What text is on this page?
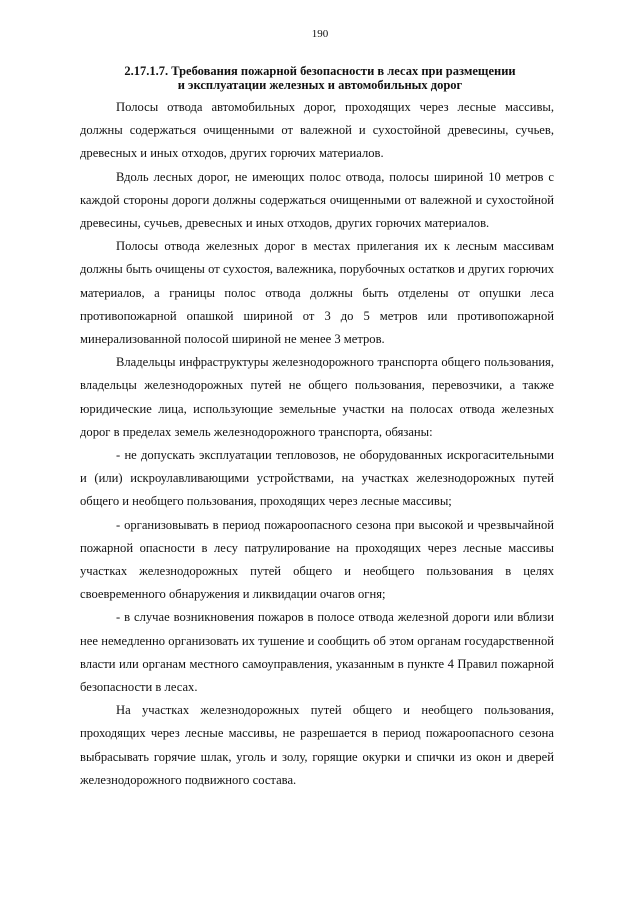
190
2.17.1.7. Требования пожарной безопасности в лесах при размещении
и эксплуатации железных и автомобильных дорог

Полосы отвода автомобильных дорог, проходящих через лесные массивы, должны содержаться очищенными от валежной и сухостойной древесины, сучьев, древесных и иных отходов, других горючих материалов.

Вдоль лесных дорог, не имеющих полос отвода, полосы шириной 10 метров с каждой стороны дороги должны содержаться очищенными от валежной и сухостойной древесины, сучьев, древесных и иных отходов, других горючих материалов.

Полосы отвода железных дорог в местах прилегания их к лесным массивам должны быть очищены от сухостоя, валежника, порубочных остатков и других горючих материалов, а границы полос отвода должны быть отделены от опушки леса противопожарной опашкой шириной от 3 до 5 метров или противопожарной минерализованной полосой шириной не менее 3 метров.

Владельцы инфраструктуры железнодорожного транспорта общего пользования, владельцы железнодорожных путей не общего пользования, перевозчики, а также юридические лица, использующие земельные участки на полосах отвода железных дорог в пределах земель железнодорожного транспорта, обязаны:

- не допускать эксплуатации тепловозов, не оборудованных искрогасительными и (или) искроулавливающими устройствами, на участках железнодорожных путей общего и необщего пользования, проходящих через лесные массивы;

- организовывать в период пожароопасного сезона при высокой и чрезвычайной пожарной опасности в лесу патрулирование на проходящих через лесные массивы участках железнодорожных путей общего и необщего пользования в целях своевременного обнаружения и ликвидации очагов огня;

- в случае возникновения пожаров в полосе отвода железной дороги или вблизи нее немедленно организовать их тушение и сообщить об этом органам государственной власти или органам местного самоуправления, указанным в пункте 4 Правил пожарной безопасности в лесах.

На участках железнодорожных путей общего и необщего пользования, проходящих через лесные массивы, не разрешается в период пожароопасного сезона выбрасывать горячие шлак, уголь и золу, горящие окурки и спички из окон и дверей железнодорожного подвижного состава.
